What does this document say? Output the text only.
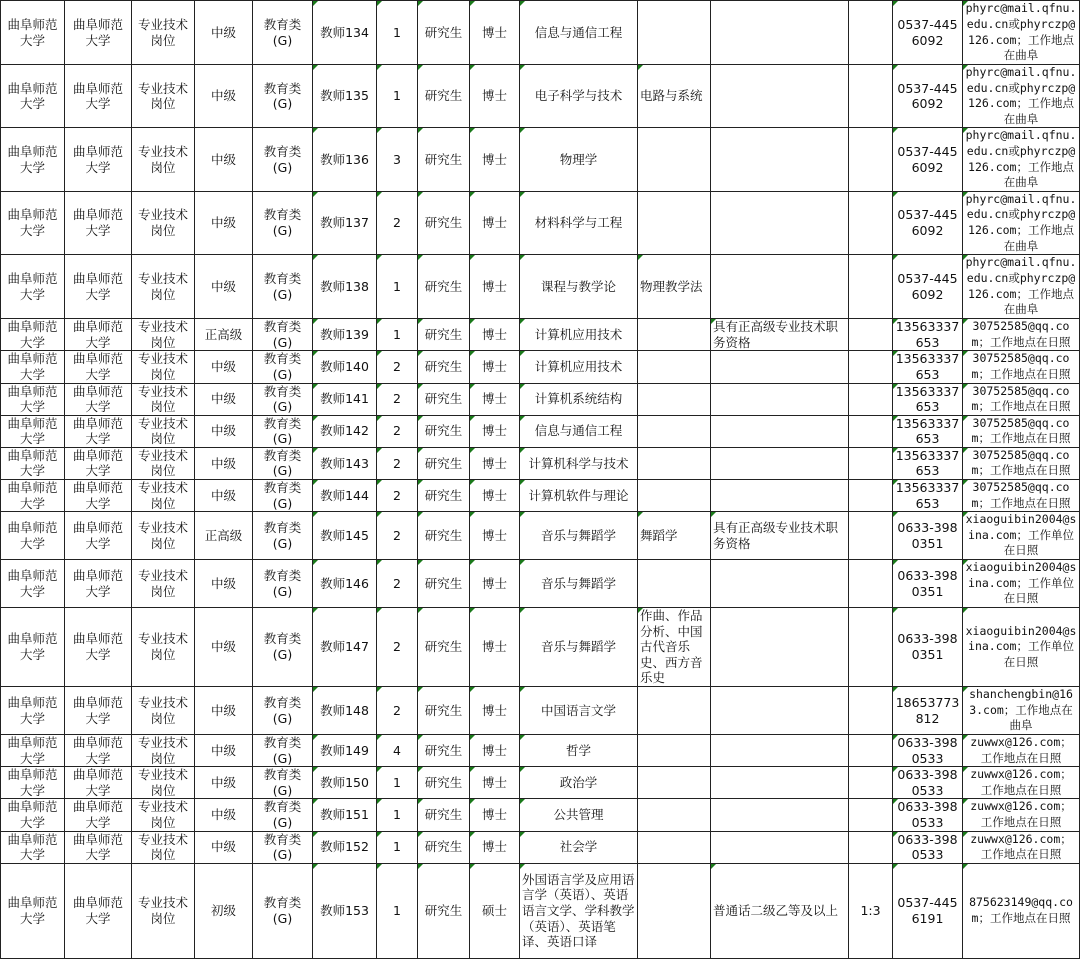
曲阜师范大学	曲阜师范大学	专业技术岗位	中级	教育类(G)	教师134	1	研究生	博士	信息与通信工程				0537-4456092	phyrc@mail.qfnu.edu.cn或phyrczp@126.com；工作地点在曲阜
曲阜师范大学	曲阜师范大学	专业技术岗位	中级	教育类(G)	教师135	1	研究生	博士	电子科学与技术	电路与系统			0537-4456092	phyrc@mail.qfnu.edu.cn或phyrczp@126.com；工作地点在曲阜
曲阜师范大学	曲阜师范大学	专业技术岗位	中级	教育类(G)	教师136	3	研究生	博士	物理学				0537-4456092	phyrc@mail.qfnu.edu.cn或phyrczp@126.com；工作地点在曲阜
曲阜师范大学	曲阜师范大学	专业技术岗位	中级	教育类(G)	教师137	2	研究生	博士	材料科学与工程				0537-4456092	phyrc@mail.qfnu.edu.cn或phyrczp@126.com；工作地点在曲阜
曲阜师范大学	曲阜师范大学	专业技术岗位	中级	教育类(G)	教师138	1	研究生	博士	课程与教学论	物理教学法			0537-4456092	phyrc@mail.qfnu.edu.cn或phyrczp@126.com；工作地点在曲阜
曲阜师范大学	曲阜师范大学	专业技术岗位	正高级	教育类(G)	教师139	1	研究生	博士	计算机应用技术		具有正高级专业技术职务资格		13563337653	30752585@qq.com；工作地点在日照
曲阜师范大学	曲阜师范大学	专业技术岗位	中级	教育类(G)	教师140	2	研究生	博士	计算机应用技术				13563337653	30752585@qq.com；工作地点在日照
曲阜师范大学	曲阜师范大学	专业技术岗位	中级	教育类(G)	教师141	2	研究生	博士	计算机系统结构				13563337653	30752585@qq.com；工作地点在日照
曲阜师范大学	曲阜师范大学	专业技术岗位	中级	教育类(G)	教师142	2	研究生	博士	信息与通信工程				13563337653	30752585@qq.com；工作地点在日照
曲阜师范大学	曲阜师范大学	专业技术岗位	中级	教育类(G)	教师143	2	研究生	博士	计算机科学与技术				13563337653	30752585@qq.com；工作地点在日照
曲阜师范大学	曲阜师范大学	专业技术岗位	中级	教育类(G)	教师144	2	研究生	博士	计算机软件与理论				13563337653	30752585@qq.com；工作地点在日照
曲阜师范大学	曲阜师范大学	专业技术岗位	正高级	教育类(G)	教师145	2	研究生	博士	音乐与舞蹈学	舞蹈学	具有正高级专业技术职务资格		0633-3980351	xiaoguibin2004@sina.com；工作单位在日照
曲阜师范大学	曲阜师范大学	专业技术岗位	中级	教育类(G)	教师146	2	研究生	博士	音乐与舞蹈学				0633-3980351	xiaoguibin2004@sina.com；工作单位在日照
曲阜师范大学	曲阜师范大学	专业技术岗位	中级	教育类(G)	教师147	2	研究生	博士	音乐与舞蹈学	作曲、作品分析、中国古代音乐史、西方音乐史			0633-3980351	xiaoguibin2004@sina.com；工作单位在日照
曲阜师范大学	曲阜师范大学	专业技术岗位	中级	教育类(G)	教师148	2	研究生	博士	中国语言文学				18653773812	shanchengbin@163.com；工作地点在曲阜
曲阜师范大学	曲阜师范大学	专业技术岗位	中级	教育类(G)	教师149	4	研究生	博士	哲学				0633-3980533	zuwwx@126.com；工作地点在日照
曲阜师范大学	曲阜师范大学	专业技术岗位	中级	教育类(G)	教师150	1	研究生	博士	政治学				0633-3980533	zuwwx@126.com；工作地点在日照
曲阜师范大学	曲阜师范大学	专业技术岗位	中级	教育类(G)	教师151	1	研究生	博士	公共管理				0633-3980533	zuwwx@126.com；工作地点在日照
曲阜师范大学	曲阜师范大学	专业技术岗位	中级	教育类(G)	教师152	1	研究生	博士	社会学				0633-3980533	zuwwx@126.com；工作地点在日照
曲阜师范大学	曲阜师范大学	专业技术岗位	初级	教育类(G)	教师153	1	研究生	硕士	外国语言学及应用语言学（英语）、英语语言文学、学科教学（英语）、英语笔译、英语口译		普通话二级乙等及以上	1:3	0537-4456191	875623149@qq.com；工作地点在日照
